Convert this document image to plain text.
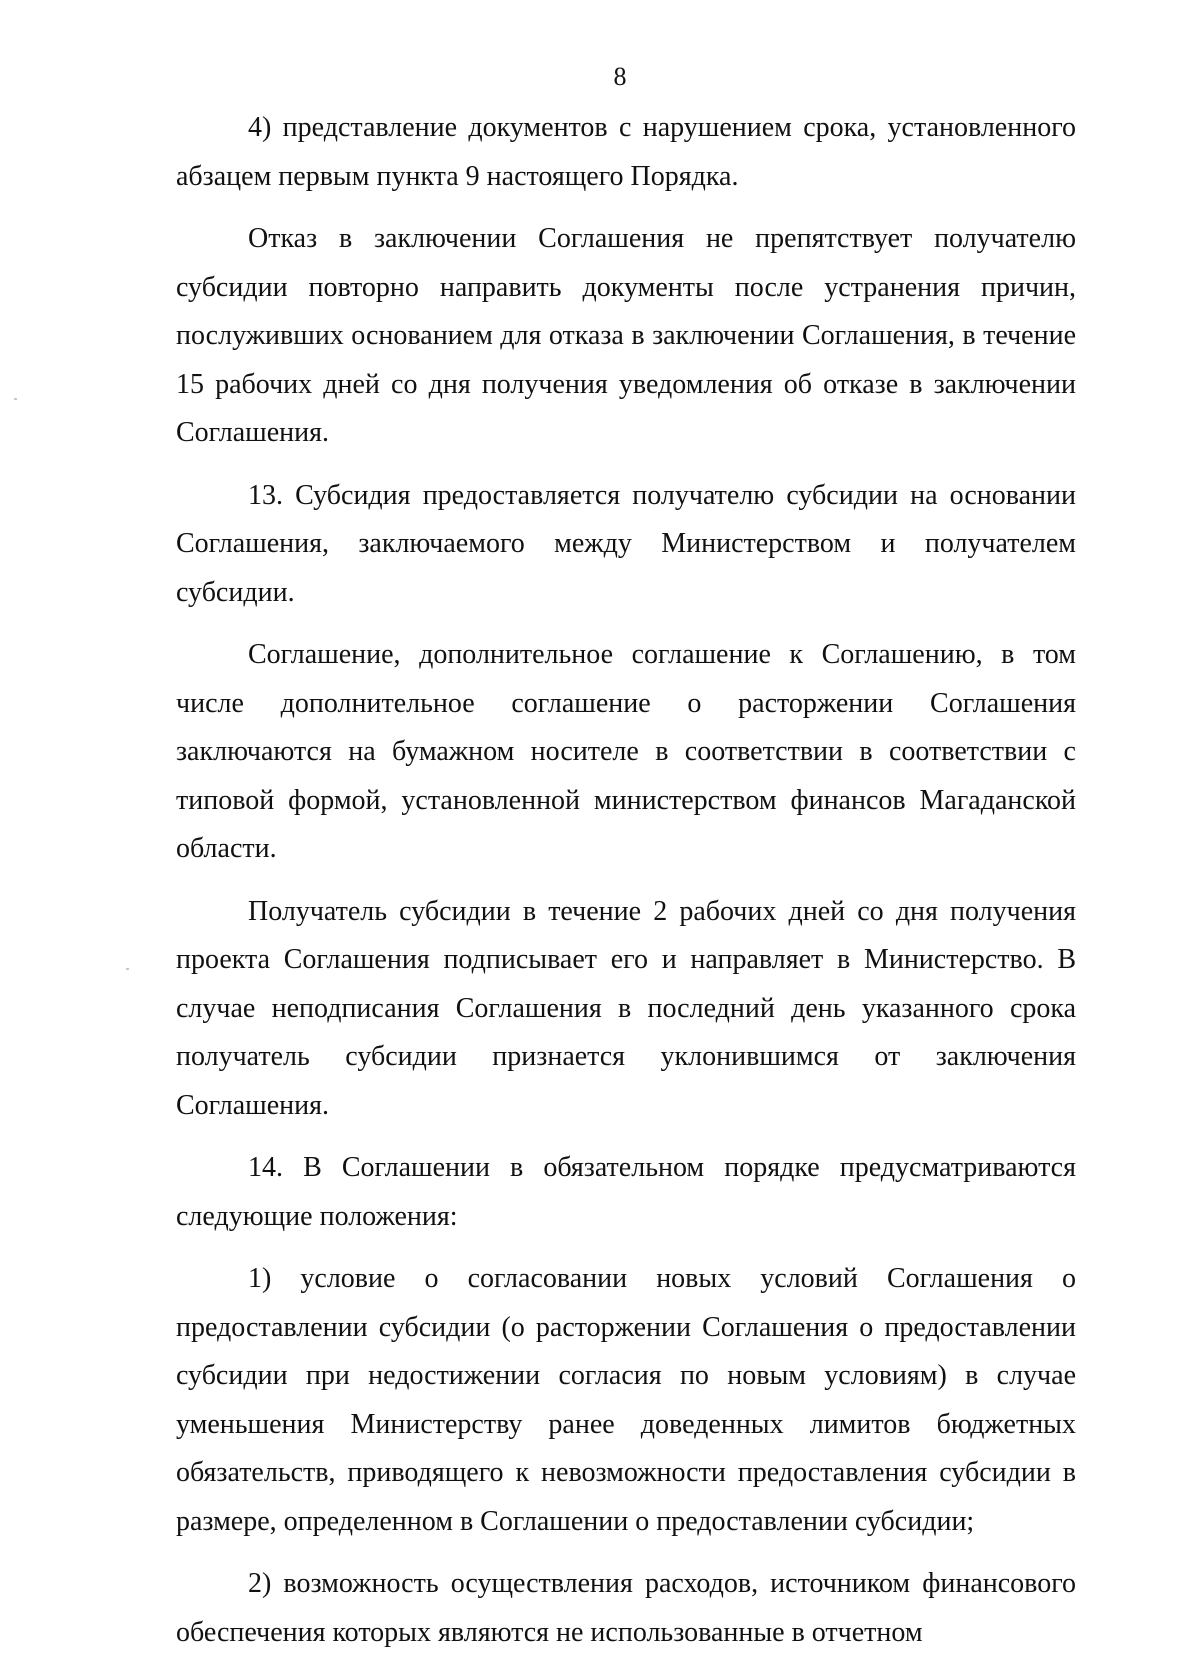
8

4) представление документов с нарушением срока, установленного абзацем первым пункта 9 настоящего Порядка.

Отказ в заключении Соглашения не препятствует получателю субсидии повторно направить документы после устранения причин, послуживших основанием для отказа в заключении Соглашения, в течение 15 рабочих дней со дня получения уведомления об отказе в заключении Соглашения.

13. Субсидия предоставляется получателю субсидии на основании Соглашения, заключаемого между Министерством и получателем субсидии.

Соглашение, дополнительное соглашение к Соглашению, в том числе дополнительное соглашение о расторжении Соглашения заключаются на бумажном носителе в соответствии в соответствии с типовой формой, установленной министерством финансов Магаданской области.

Получатель субсидии в течение 2 рабочих дней со дня получения проекта Соглашения подписывает его и направляет в Министерство. В случае неподписания Соглашения в последний день указанного срока получатель субсидии признается уклонившимся от заключения Соглашения.

14. В Соглашении в обязательном порядке предусматриваются следующие положения:

1) условие о согласовании новых условий Соглашения о предоставлении субсидии (о расторжении Соглашения о предоставлении субсидии при недостижении согласия по новым условиям) в случае уменьшения Министерству ранее доведенных лимитов бюджетных обязательств, приводящего к невозможности предоставления субсидии в размере, определенном в Соглашении о предоставлении субсидии;

2) возможность осуществления расходов, источником финансового обеспечения которых являются не использованные в отчетном
